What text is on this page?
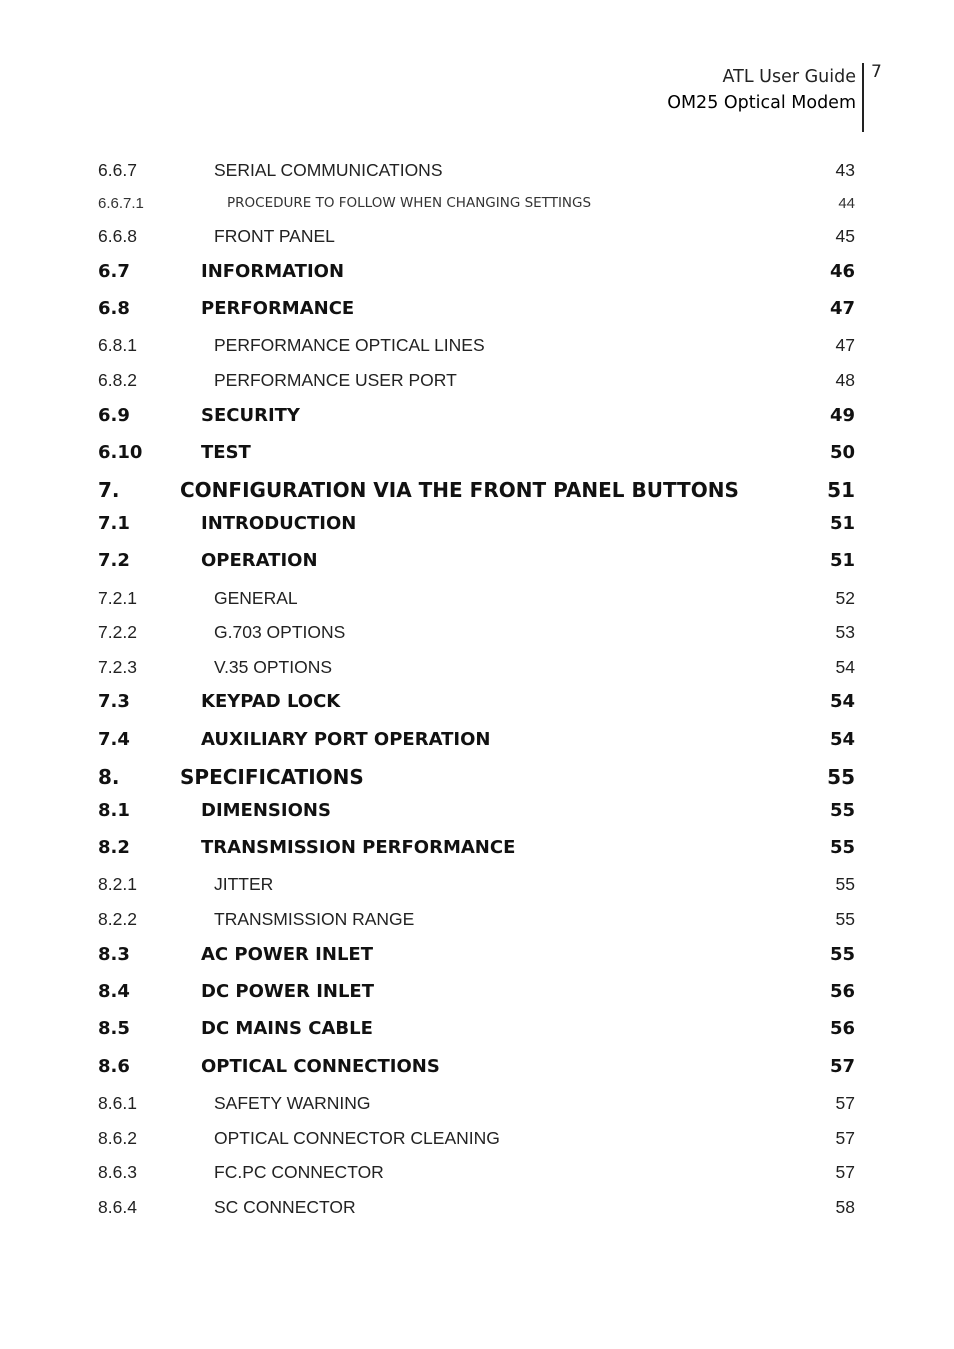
ATL User Guide
OM25 Optical Modem
7
6.6.7	SERIAL COMMUNICATIONS	43
6.6.7.1	PROCEDURE TO FOLLOW WHEN CHANGING SETTINGS	44
6.6.8	FRONT PANEL	45
6.7	INFORMATION	46
6.8	PERFORMANCE	47
6.8.1	PERFORMANCE OPTICAL LINES	47
6.8.2	PERFORMANCE USER PORT	48
6.9	SECURITY	49
6.10	TEST	50
7.	CONFIGURATION VIA THE FRONT PANEL BUTTONS	51
7.1	INTRODUCTION	51
7.2	OPERATION	51
7.2.1	GENERAL	52
7.2.2	G.703 OPTIONS	53
7.2.3	V.35 OPTIONS	54
7.3	KEYPAD LOCK	54
7.4	AUXILIARY PORT OPERATION	54
8.	SPECIFICATIONS	55
8.1	DIMENSIONS	55
8.2	TRANSMISSION PERFORMANCE	55
8.2.1	JITTER	55
8.2.2	TRANSMISSION RANGE	55
8.3	AC POWER INLET	55
8.4	DC POWER INLET	56
8.5	DC MAINS CABLE	56
8.6	OPTICAL CONNECTIONS	57
8.6.1	SAFETY WARNING	57
8.6.2	OPTICAL CONNECTOR CLEANING	57
8.6.3	FC.PC CONNECTOR	57
8.6.4	SC CONNECTOR	58
